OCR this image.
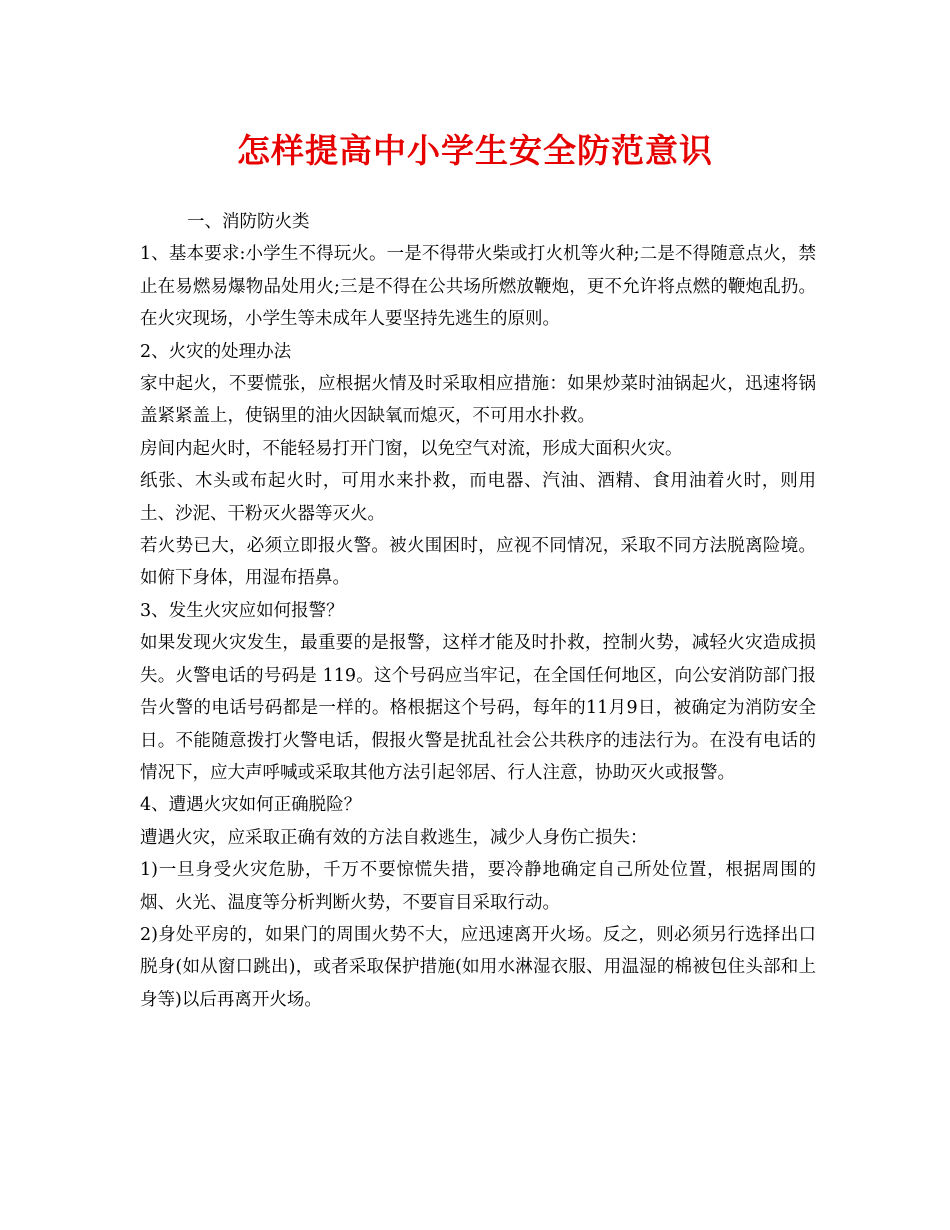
怎样提高中小学生安全防范意识

一、消防防火类

1、基本要求:小学生不得玩火。一是不得带火柴或打火机等火种;二是不得随意点火，禁止在易燃易爆物品处用火;三是不得在公共场所燃放鞭炮，更不允许将点燃的鞭炮乱扔。在火灾现场，小学生等未成年人要坚持先逃生的原则。

2、火灾的处理办法

家中起火，不要慌张，应根据火情及时采取相应措施：如果炒菜时油锅起火，迅速将锅盖紧紧盖上，使锅里的油火因缺氧而熄灭，不可用水扑救。

房间内起火时，不能轻易打开门窗，以免空气对流，形成大面积火灾。

纸张、木头或布起火时，可用水来扑救，而电器、汽油、酒精、食用油着火时，则用土、沙泥、干粉灭火器等灭火。

若火势已大，必须立即报火警。被火围困时，应视不同情况，采取不同方法脱离险境。如俯下身体，用湿布捂鼻。

3、发生火灾应如何报警？

如果发现火灾发生，最重要的是报警，这样才能及时扑救，控制火势，减轻火灾造成损失。火警电话的号码是 119。这个号码应当牢记，在全国任何地区，向公安消防部门报告火警的电话号码都是一样的。格根据这个号码，每年的11月9日，被确定为消防安全日。不能随意拨打火警电话，假报火警是扰乱社会公共秩序的违法行为。在没有电话的情况下，应大声呼喊或采取其他方法引起邻居、行人注意，协助灭火或报警。

4、遭遇火灾如何正确脱险？

遭遇火灾，应采取正确有效的方法自救逃生，减少人身伤亡损失：

1)一旦身受火灾危胁，千万不要惊慌失措，要冷静地确定自己所处位置，根据周围的烟、火光、温度等分析判断火势，不要盲目采取行动。

2)身处平房的，如果门的周围火势不大，应迅速离开火场。反之，则必须另行选择出口脱身(如从窗口跳出)，或者采取保护措施(如用水淋湿衣服、用温湿的棉被包住头部和上身等)以后再离开火场。
